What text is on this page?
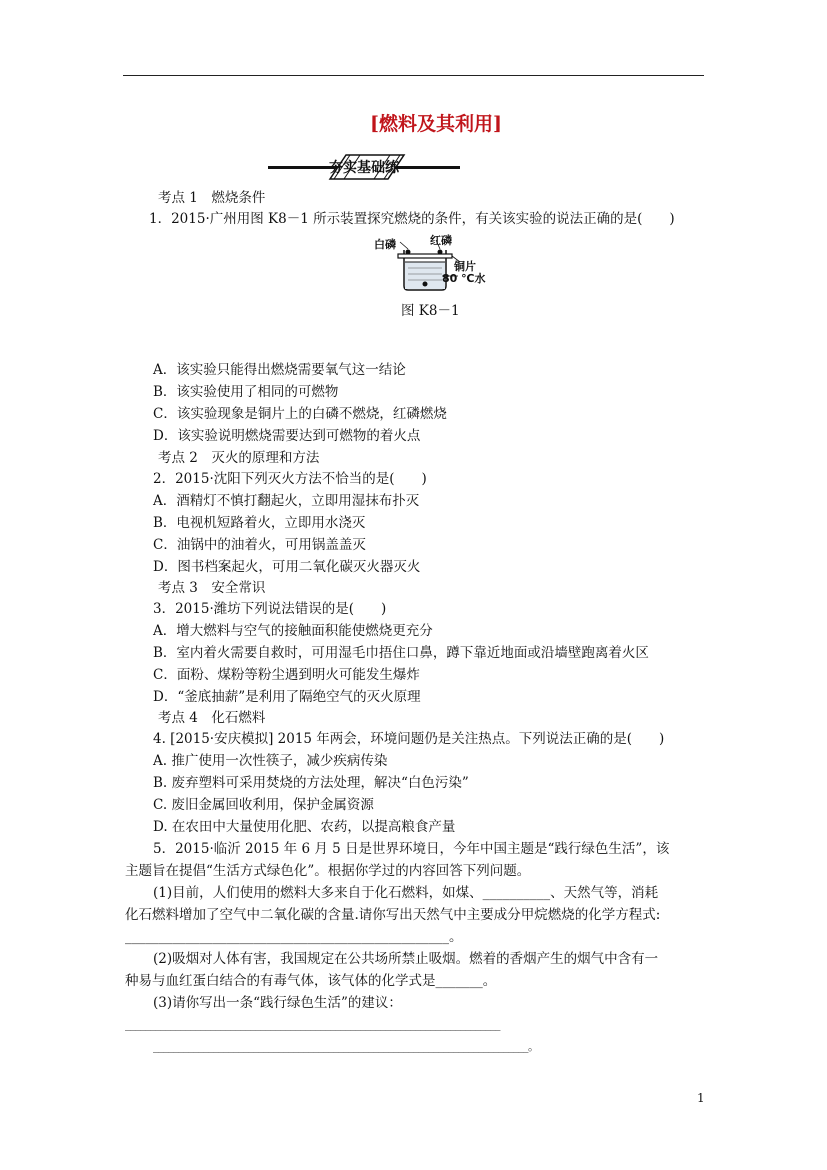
[燃料及其利用]
夯实基础练
考点 1　燃烧条件
1．2015·广州用图 K8－1 所示装置探究燃烧的条件，有关该实验的说法正确的是(　　)
白磷	红磷
铜片
80 ℃水
图 K8－1
A．该实验只能得出燃烧需要氧气这一结论
B．该实验使用了相同的可燃物
C．该实验现象是铜片上的白磷不燃烧，红磷燃烧
D．该实验说明燃烧需要达到可燃物的着火点
考点 2　灭火的原理和方法
2．2015·沈阳下列灭火方法不恰当的是(　　)
A．酒精灯不慎打翻起火，立即用湿抹布扑灭
B．电视机短路着火，立即用水浇灭
C．油锅中的油着火，可用锅盖盖灭
D．图书档案起火，可用二氧化碳灭火器灭火
考点 3　安全常识
3．2015·潍坊下列说法错误的是(　　)
A．增大燃料与空气的接触面积能使燃烧更充分
B．室内着火需要自救时，可用湿毛巾捂住口鼻，蹲下靠近地面或沿墙壁跑离着火区
C．面粉、煤粉等粉尘遇到明火可能发生爆炸
D．“釜底抽薪”是利用了隔绝空气的灭火原理
考点 4　化石燃料
4. [2015·安庆模拟] 2015 年两会，环境问题仍是关注热点。下列说法正确的是(　　)
A. 推广使用一次性筷子，减少疾病传染
B. 废弃塑料可采用焚烧的方法处理，解决“白色污染”
C. 废旧金属回收利用，保护金属资源
D. 在农田中大量使用化肥、农药，以提高粮食产量
5．2015·临沂 2015 年 6 月 5 日是世界环境日，今年中国主题是“践行绿色生活”，该
主题旨在提倡“生活方式绿色化”。根据你学过的内容回答下列问题。
(1)目前，人们使用的燃料大多来自于化石燃料，如煤、__________、天然气等，消耗
化石燃料增加了空气中二氧化碳的含量.请你写出天然气中主要成分甲烷燃烧的化学方程式:
________________________________________________。
(2)吸烟对人体有害，我国规定在公共场所禁止吸烟。燃着的香烟产生的烟气中含有一
种易与血红蛋白结合的有毒气体，该气体的化学式是_______。
(3)请你写出一条“践行绿色生活”的建议：
___________________________________________________________________________
___________________________________________________________________________。
1
